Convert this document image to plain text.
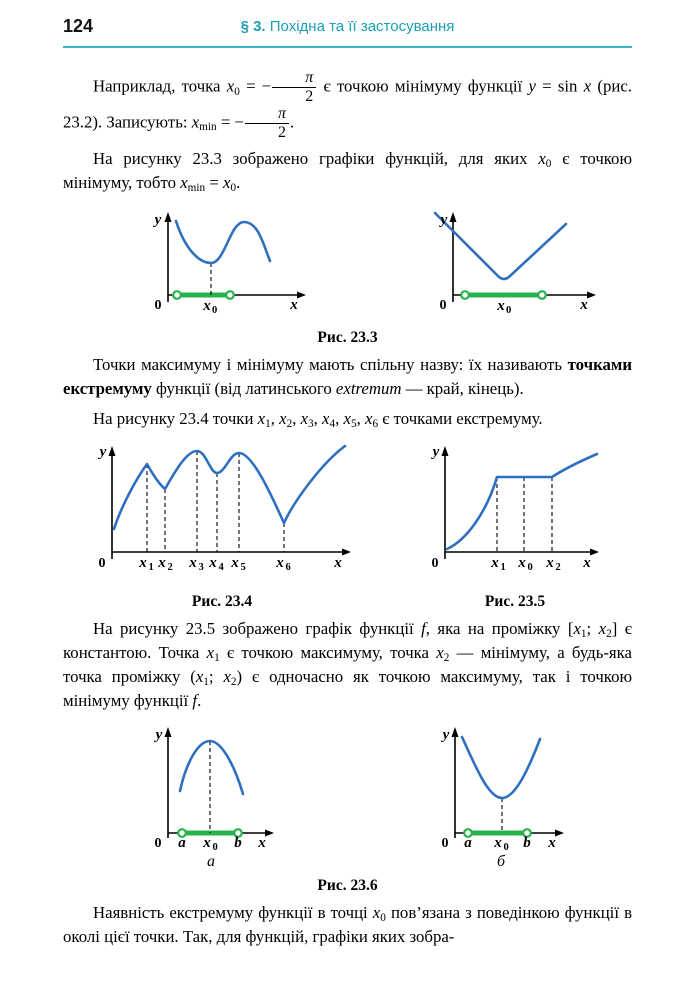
124	§ 3. Похідна та її застосування

Наприклад, точка x0 = − $\frac{\pi}{2}$ є точкою мінімуму функції y = sin x (рис. 23.2). Записують: xmin = − $\frac{\pi}{2}$ .

На рисунку 23.3 зображено графіки функцій, для яких x0 є точкою мінімуму, тобто xmin = x0.

y
0	x 0	x
y
0	x 0	x
Рис. 23.3

Точки максимуму і мінімуму мають спільну назву: їх називають точками екстремуму функції (від латинського extremum — край, кінець).

На рисунку 23.4 точки x1, x2, x3, x4, x5, x6 є точками екстремуму.

y
0 x 1 x 2 x 3 x 4 x 5 x 6	x
Рис. 23.4
y
0	x 1 x 0 x 2 x
Рис. 23.5

На рисунку 23.5 зображено графік функції f, яка на проміжку [x1; x2] є константою. Точка x1 є точкою максимуму, точка x2 — мінімуму, а будь-яка точка проміжку (x1; x2) є одночасно як точкою максимуму, так і точкою мінімуму функції f.

y
0 a x 0 b x
а
y
0 a x 0 b x
б
Рис. 23.6

Наявність екстремуму функції в точці x0 пов’язана з поведінкою функції в околі цієї точки. Так, для функцій, графіки яких зобра-
